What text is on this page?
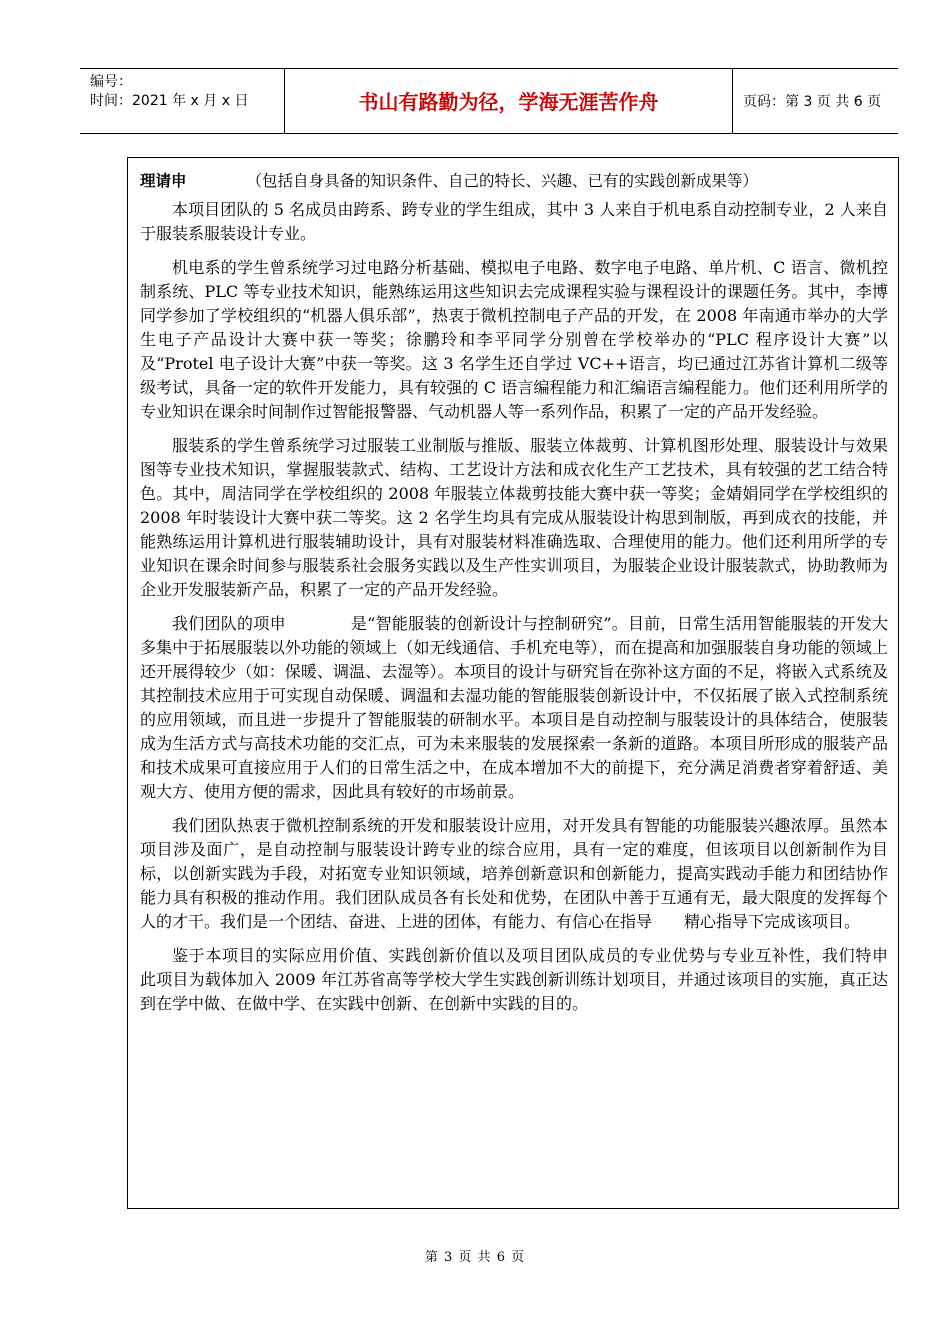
编号：
时间：2021 年 x 月 x 日	书山有路勤为径，学海无涯苦作舟	页码：第 3 页 共 6 页
理请申	（包括自身具备的知识条件、自己的特长、兴趣、已有的实践创新成果等）

本项目团队的 5 名成员由跨系、跨专业的学生组成，其中 3 人来自于机电系自动控制专业，2 人来自于服装系服装设计专业。

机电系的学生曾系统学习过电路分析基础、模拟电子电路、数字电子电路、单片机、C 语言、微机控制系统、PLC 等专业技术知识，能熟练运用这些知识去完成课程实验与课程设计的课题任务。其中，李博同学参加了学校组织的“机器人俱乐部”，热衷于微机控制电子产品的开发，在 2008 年南通市举办的大学生电子产品设计大赛中获一等奖；徐鹏玲和李平同学分别曾在学校举办的“PLC 程序设计大赛”以及“Protel 电子设计大赛”中获一等奖。这 3 名学生还自学过 VC++语言，均已通过江苏省计算机二级等级考试，具备一定的软件开发能力，具有较强的 C 语言编程能力和汇编语言编程能力。他们还利用所学的专业知识在课余时间制作过智能报警器、气动机器人等一系列作品，积累了一定的产品开发经验。

服装系的学生曾系统学习过服装工业制版与推版、服装立体裁剪、计算机图形处理、服装设计与效果图等专业技术知识，掌握服装款式、结构、工艺设计方法和成衣化生产工艺技术，具有较强的艺工结合特色。其中，周洁同学在学校组织的 2008 年服装立体裁剪技能大赛中获一等奖；金婧娟同学在学校组织的 2008 年时装设计大赛中获二等奖。这 2 名学生均具有完成从服装设计构思到制版，再到成衣的技能，并能熟练运用计算机进行服装辅助设计，具有对服装材料准确选取、合理使用的能力。他们还利用所学的专业知识在课余时间参与服装系社会服务实践以及生产性实训项目，为服装企业设计服装款式，协助教师为企业开发服装新产品，积累了一定的产品开发经验。

我们团队的项申　　　　是“智能服装的创新设计与控制研究”。目前，日常生活用智能服装的开发大多集中于拓展服装以外功能的领域上（如无线通信、手机充电等），而在提高和加强服装自身功能的领域上还开展得较少（如：保暖、调温、去湿等）。本项目的设计与研究旨在弥补这方面的不足，将嵌入式系统及其控制技术应用于可实现自动保暖、调温和去湿功能的智能服装创新设计中，不仅拓展了嵌入式控制系统的应用领域，而且进一步提升了智能服装的研制水平。本项目是自动控制与服装设计的具体结合，使服装成为生活方式与高技术功能的交汇点，可为未来服装的发展探索一条新的道路。本项目所形成的服装产品和技术成果可直接应用于人们的日常生活之中，在成本增加不大的前提下，充分满足消费者穿着舒适、美观大方、使用方便的需求，因此具有较好的市场前景。

我们团队热衷于微机控制系统的开发和服装设计应用，对开发具有智能的功能服装兴趣浓厚。虽然本项目涉及面广，是自动控制与服装设计跨专业的综合应用，具有一定的难度，但该项目以创新制作为目标，以创新实践为手段，对拓宽专业知识领域，培养创新意识和创新能力，提高实践动手能力和团结协作能力具有积极的推动作用。我们团队成员各有长处和优势，在团队中善于互通有无，最大限度的发挥每个人的才干。我们是一个团结、奋进、上进的团体，有能力、有信心在指导　　精心指导下完成该项目。

鉴于本项目的实际应用价值、实践创新价值以及项目团队成员的专业优势与专业互补性，我们特申　　此项目为载体加入 2009 年江苏省高等学校大学生实践创新训练计划项目，并通过该项目的实施，真正达到在学中做、在做中学、在实践中创新、在创新中实践的目的。

第 3 页 共 6 页
